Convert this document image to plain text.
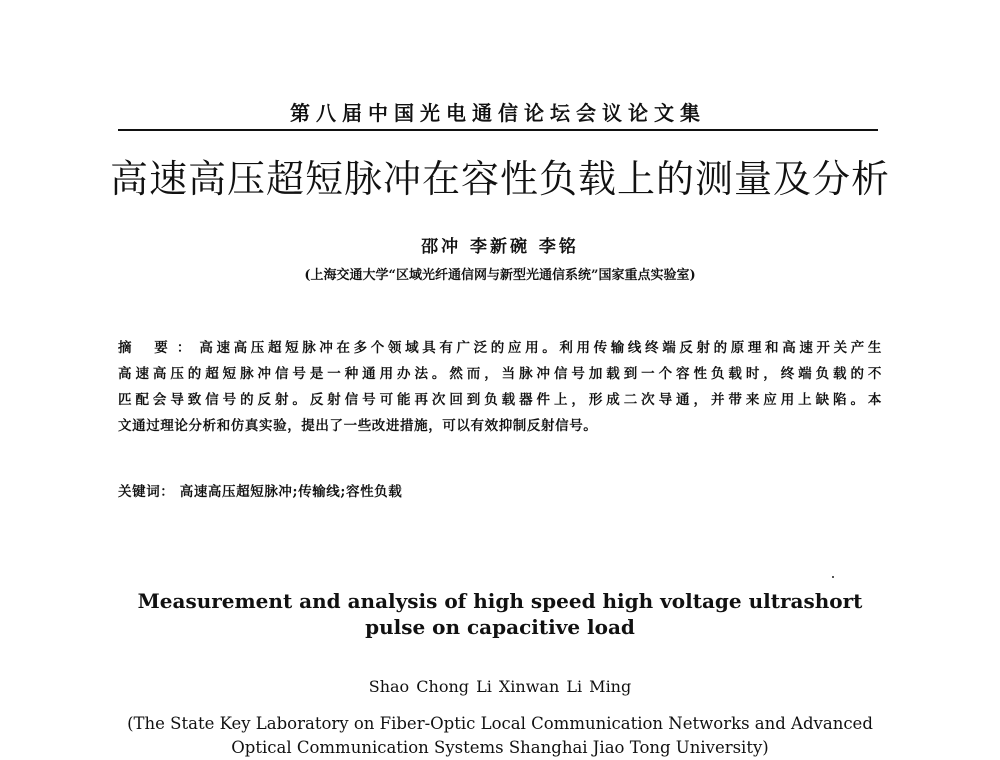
第八届中国光电通信论坛会议论文集
高速高压超短脉冲在容性负载上的测量及分析
邵冲 李新碗 李铭
(上海交通大学“区域光纤通信网与新型光通信系统”国家重点实验室)
摘 要：高速高压超短脉冲在多个领域具有广泛的应用。利用传输线终端反射的原理和高速开关产生
高速高压的超短脉冲信号是一种通用办法。然而，当脉冲信号加载到一个容性负载时，终端负载的不
匹配会导致信号的反射。反射信号可能再次回到负载器件上，形成二次导通，并带来应用上缺陷。本
文通过理论分析和仿真实验，提出了一些改进措施，可以有效抑制反射信号。
关键词： 高速高压超短脉冲;传输线;容性负载
Measurement and analysis of high speed high voltage ultrashort
pulse on capacitive load
Shao Chong Li Xinwan Li Ming
(The State Key Laboratory on Fiber-Optic Local Communication Networks and Advanced
Optical Communication Systems Shanghai Jiao Tong University)
